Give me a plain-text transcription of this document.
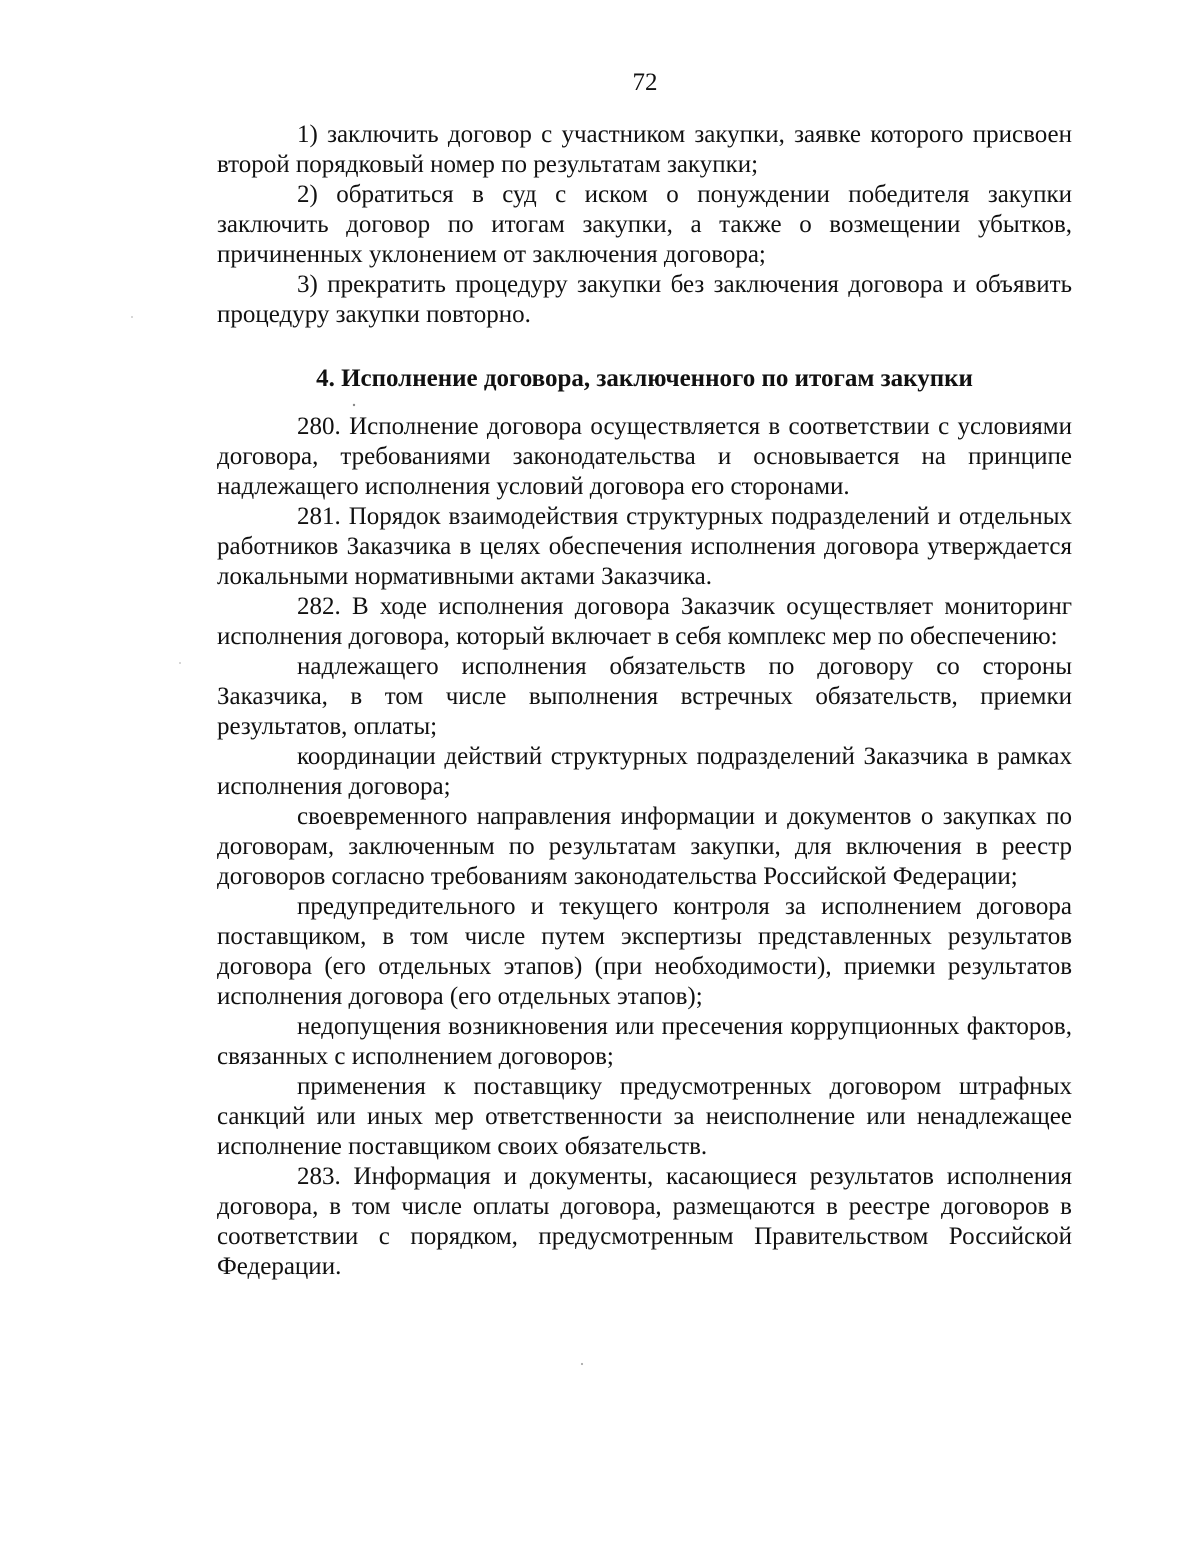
72

1) заключить договор с участником закупки, заявке которого присвоен второй порядковый номер по результатам закупки;

2) обратиться в суд с иском о понуждении победителя закупки заключить договор по итогам закупки, а также о возмещении убытков, причиненных уклонением от заключения договора;

3) прекратить процедуру закупки без заключения договора и объявить процедуру закупки повторно.

4. Исполнение договора, заключенного по итогам закупки

280. Исполнение договора осуществляется в соответствии с условиями договора, требованиями законодательства и основывается на принципе надлежащего исполнения условий договора его сторонами.

281. Порядок взаимодействия структурных подразделений и отдельных работников Заказчика в целях обеспечения исполнения договора утверждается локальными нормативными актами Заказчика.

282. В ходе исполнения договора Заказчик осуществляет мониторинг исполнения договора, который включает в себя комплекс мер по обеспечению:

надлежащего исполнения обязательств по договору со стороны Заказчика, в том числе выполнения встречных обязательств, приемки результатов, оплаты;

координации действий структурных подразделений Заказчика в рамках исполнения договора;

своевременного направления информации и документов о закупках по договорам, заключенным по результатам закупки, для включения в реестр договоров согласно требованиям законодательства Российской Федерации;

предупредительного и текущего контроля за исполнением договора поставщиком, в том числе путем экспертизы представленных результатов договора (его отдельных этапов) (при необходимости), приемки результатов исполнения договора (его отдельных этапов);

недопущения возникновения или пресечения коррупционных факторов, связанных с исполнением договоров;

применения к поставщику предусмотренных договором штрафных санкций или иных мер ответственности за неисполнение или ненадлежащее исполнение поставщиком своих обязательств.

283. Информация и документы, касающиеся результатов исполнения договора, в том числе оплаты договора, размещаются в реестре договоров в соответствии с порядком, предусмотренным Правительством Российской Федерации.
